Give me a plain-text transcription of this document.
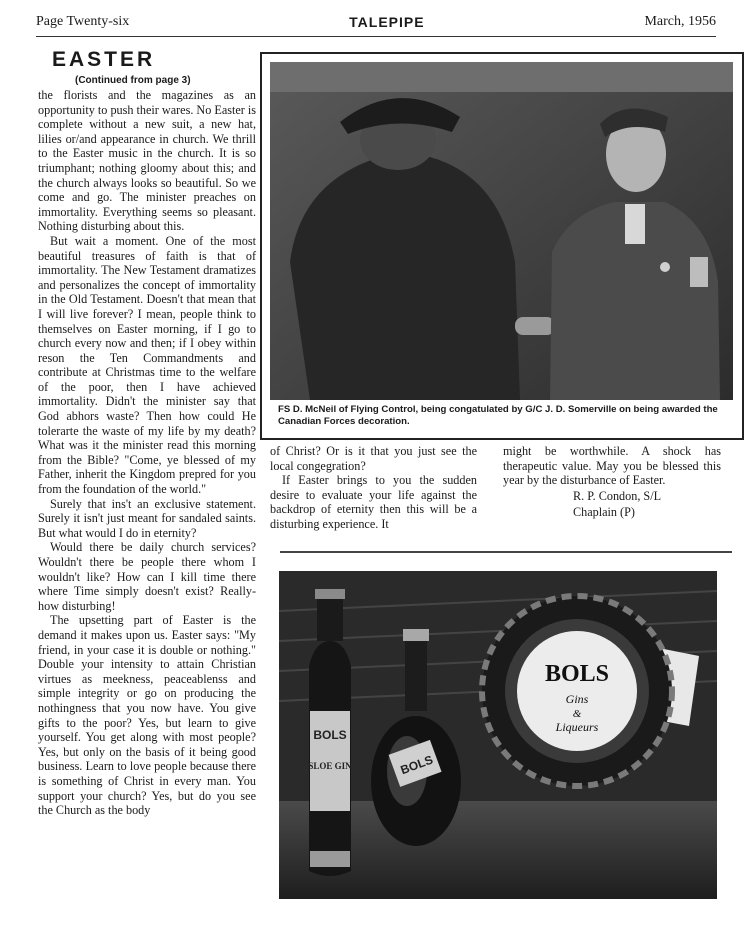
Page Twenty-six	TALEPIPE	March, 1956
EASTER
(Continued from page 3)

the florists and the magazines as an opportunity to push their wares. No Easter is complete without a new suit, a new hat, lilies or/and appearance in church. We thrill to the Easter music in the church. It is so triumphant; nothing gloomy about this; and the church always looks so beautiful. So we come and go. The minister preaches on immortality. Everything seems so pleasant. Nothing disturbing about this.

But wait a moment. One of the most beautiful treasures of faith is that of immortality. The New Testament dramatizes and personalizes the concept of immortality in the Old Testament. Doesn't that mean that I will live forever? I mean, people think to themselves on Easter morning, if I go to church every now and then; if I obey within reson the Ten Commandments and contribute at Christmas time to the welfare of the poor, then I have achieved immortality. Didn't the minister say that God abhors waste? Then how could He tolerarte the waste of my life by my death? What was it the minister read this morning from the Bible? "Come, ye blessed of my Father, inherit the Kingdom prepred for you from the foundation of the world."

Surely that ins't an exclusive statement. Surely it isn't just meant for sandaled saints. But what would I do in eternity?

Would there be daily church services? Wouldn't there be people there whom I wouldn't like? How can I kill time there where Time simply doesn't exist? Really-how disturbing!

The upsetting part of Easter is the demand it makes upon us. Easter says: "My friend, in your case it is double or nothing." Double your intensity to attain Christian virtues as meekness, peaceablenss and simple integrity or go on producing the nothingness that you now have. You give gifts to the poor? Yes, but learn to give yourself. You get along with most people? Yes, but only on the basis of it being good business. Learn to love people because there is something of Christ in every man. You support your church? Yes, but do you see the Church as the body

FS D. McNeil of Flying Control, being congatulated by G/C J. D. Somerville on being awarded the Canadian Forces decoration.

of Christ? Or is it that you just see the local congegration?

If Easter brings to you the sudden desire to evaluate your life against the backdrop of eternity then this will be a disturbing experience. It

might be worthwhile. A shock has therapeutic value. May you be blessed this year by the disturbance of Easter.

R. P. Condon, S/L
Chaplain (P)
BOLS
SLOE GIN	BOLS
BOLS
Gins
&
Liqueurs
